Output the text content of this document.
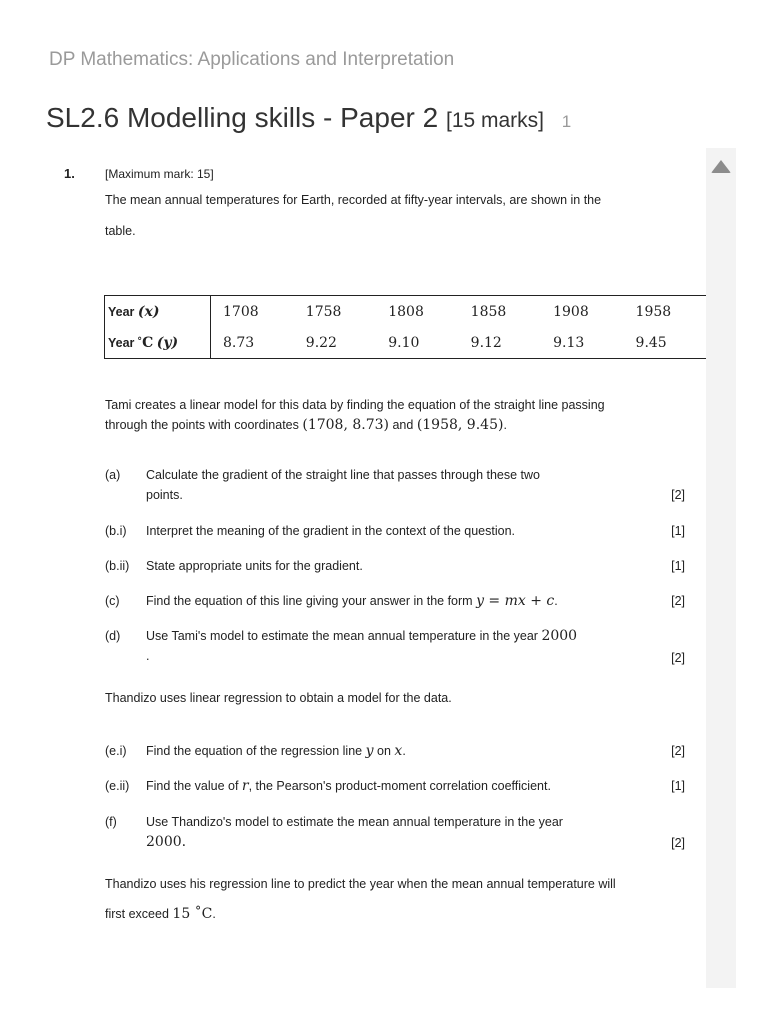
DP Mathematics: Applications and Interpretation
SL2.6 Modelling skills - Paper 2 [15 marks] 1
1.	[Maximum mark: 15]
The mean annual temperatures for Earth, recorded at fifty-year intervals, are shown in the
table.
Year (x)	1708	1758	1808	1858	1908	1958
Year ˚C (y)	8.73	9.22	9.10	9.12	9.13	9.45
Tami creates a linear model for this data by finding the equation of the straight line passing
through the points with coordinates (1708, 8.73) and (1958, 9.45).
(a) Calculate the gradient of the straight line that passes through these two
points.	[2]
(b.i) Interpret the meaning of the gradient in the context of the question.	[1]
(b.ii) State appropriate units for the gradient.	[1]
(c) Find the equation of this line giving your answer in the form y = mx + c.	[2]
(d) Use Tami's model to estimate the mean annual temperature in the year 2000
.	[2]
Thandizo uses linear regression to obtain a model for the data.
(e.i) Find the equation of the regression line y on x.	[2]
(e.ii) Find the value of r, the Pearson's product-moment correlation coefficient.	[1]
(f) Use Thandizo's model to estimate the mean annual temperature in the year
2000.	[2]
Thandizo uses his regression line to predict the year when the mean annual temperature will
first exceed 15 ˚C.
